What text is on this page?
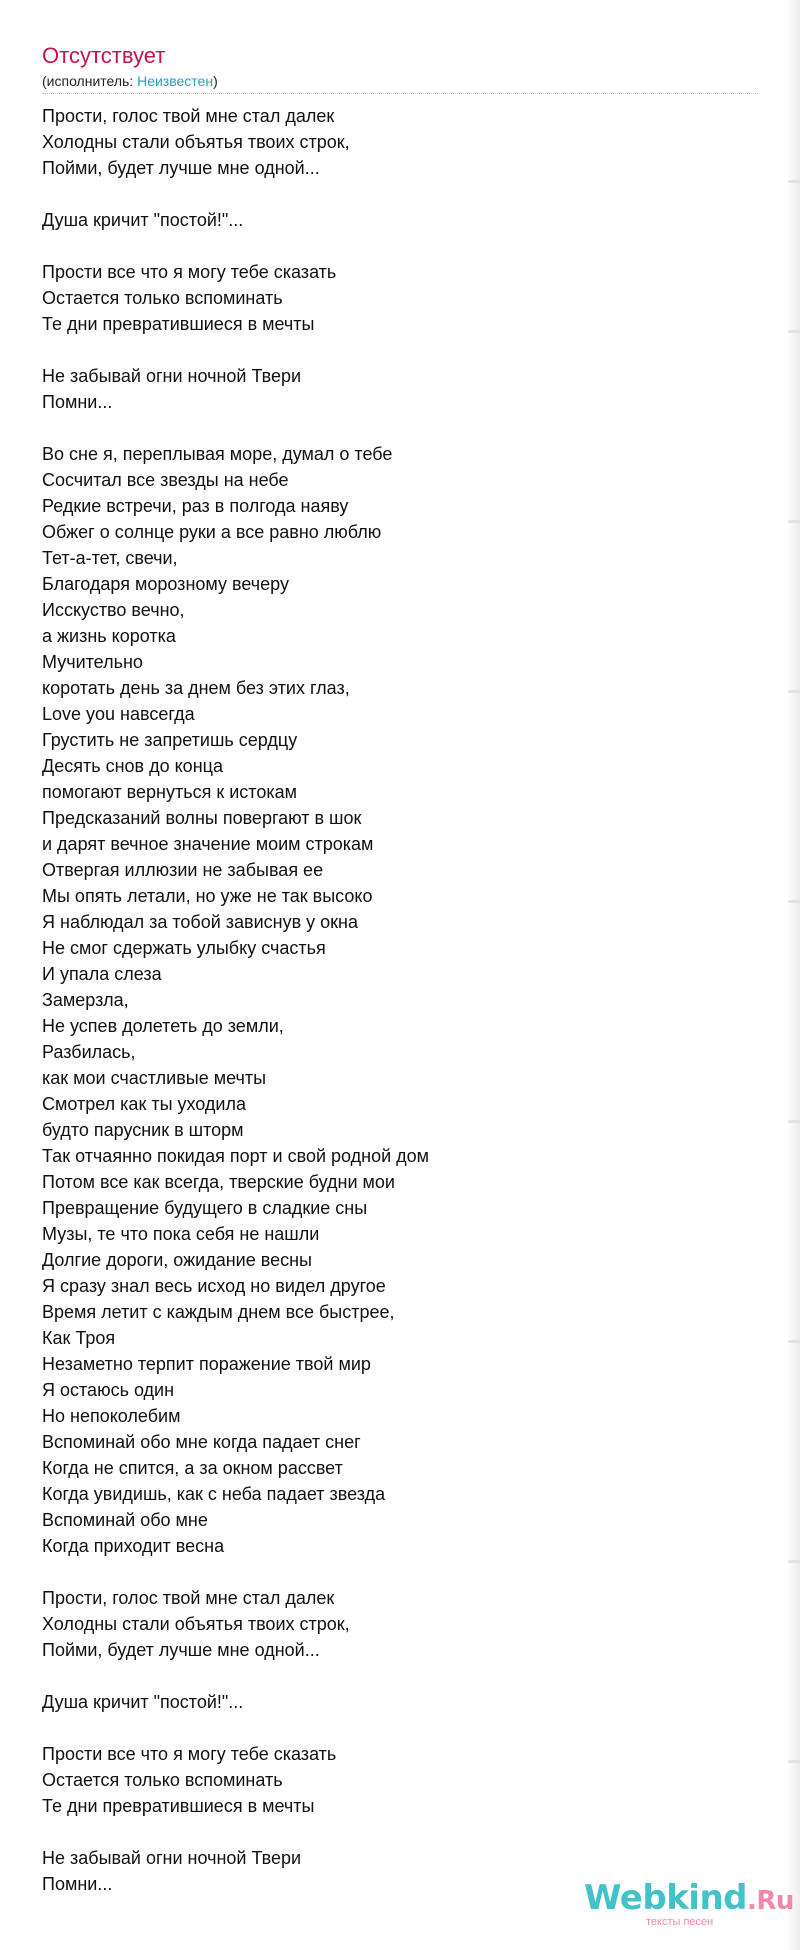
Отсутствует
(исполнитель: Неизвестен)
Прости, голос твой мне стал далек
Холодны стали объятья твоих строк,
Пойми, будет лучше мне одной...
Душа кричит "постой!"...
Прости все что я могу тебе сказать
Остается только вспоминать
Те дни превратившиеся в мечты
Не забывай огни ночной Твери
Помни...
Во сне я, переплывая море, думал о тебе
Сосчитал все звезды на небе
Редкие встречи, раз в полгода наяву
Обжег о солнце руки а все равно люблю
Тет-а-тет, свечи,
Благодаря морозному вечеру
Исскуство вечно,
а жизнь коротка
Мучительно
коротать день за днем без этих глаз,
Love you навсегда
Грустить не запретишь сердцу
Десять снов до конца
помогают вернуться к истокам
Предсказаний волны повергают в шок
и дарят вечное значение моим строкам
Отвергая иллюзии не забывая ее
Мы опять летали, но уже не так высоко
Я наблюдал за тобой зависнув у окна
Не смог сдержать улыбку счастья
И упала слеза
Замерзла,
Не успев долететь до земли,
Разбилась,
как мои счастливые мечты
Смотрел как ты уходила
будто парусник в шторм
Так отчаянно покидая порт и свой родной дом
Потом все как всегда, тверские будни мои
Превращение будущего в сладкие сны
Музы, те что пока себя не нашли
Долгие дороги, ожидание весны
Я сразу знал весь исход но видел другое
Время летит с каждым днем все быстрее,
Как Троя
Незаметно терпит поражение твой мир
Я остаюсь один
Но непоколебим
Вспоминай обо мне когда падает снег
Когда не спится, а за окном рассвет
Когда увидишь, как с неба падает звезда
Вспоминай обо мне
Когда приходит весна
Прости, голос твой мне стал далек
Холодны стали объятья твоих строк,
Пойми, будет лучше мне одной...
Душа кричит "постой!"...
Прости все что я могу тебе сказать
Остается только вспоминать
Те дни превратившиеся в мечты
Не забывай огни ночной Твери
Помни...	Webkind.Ru
тексты песен
